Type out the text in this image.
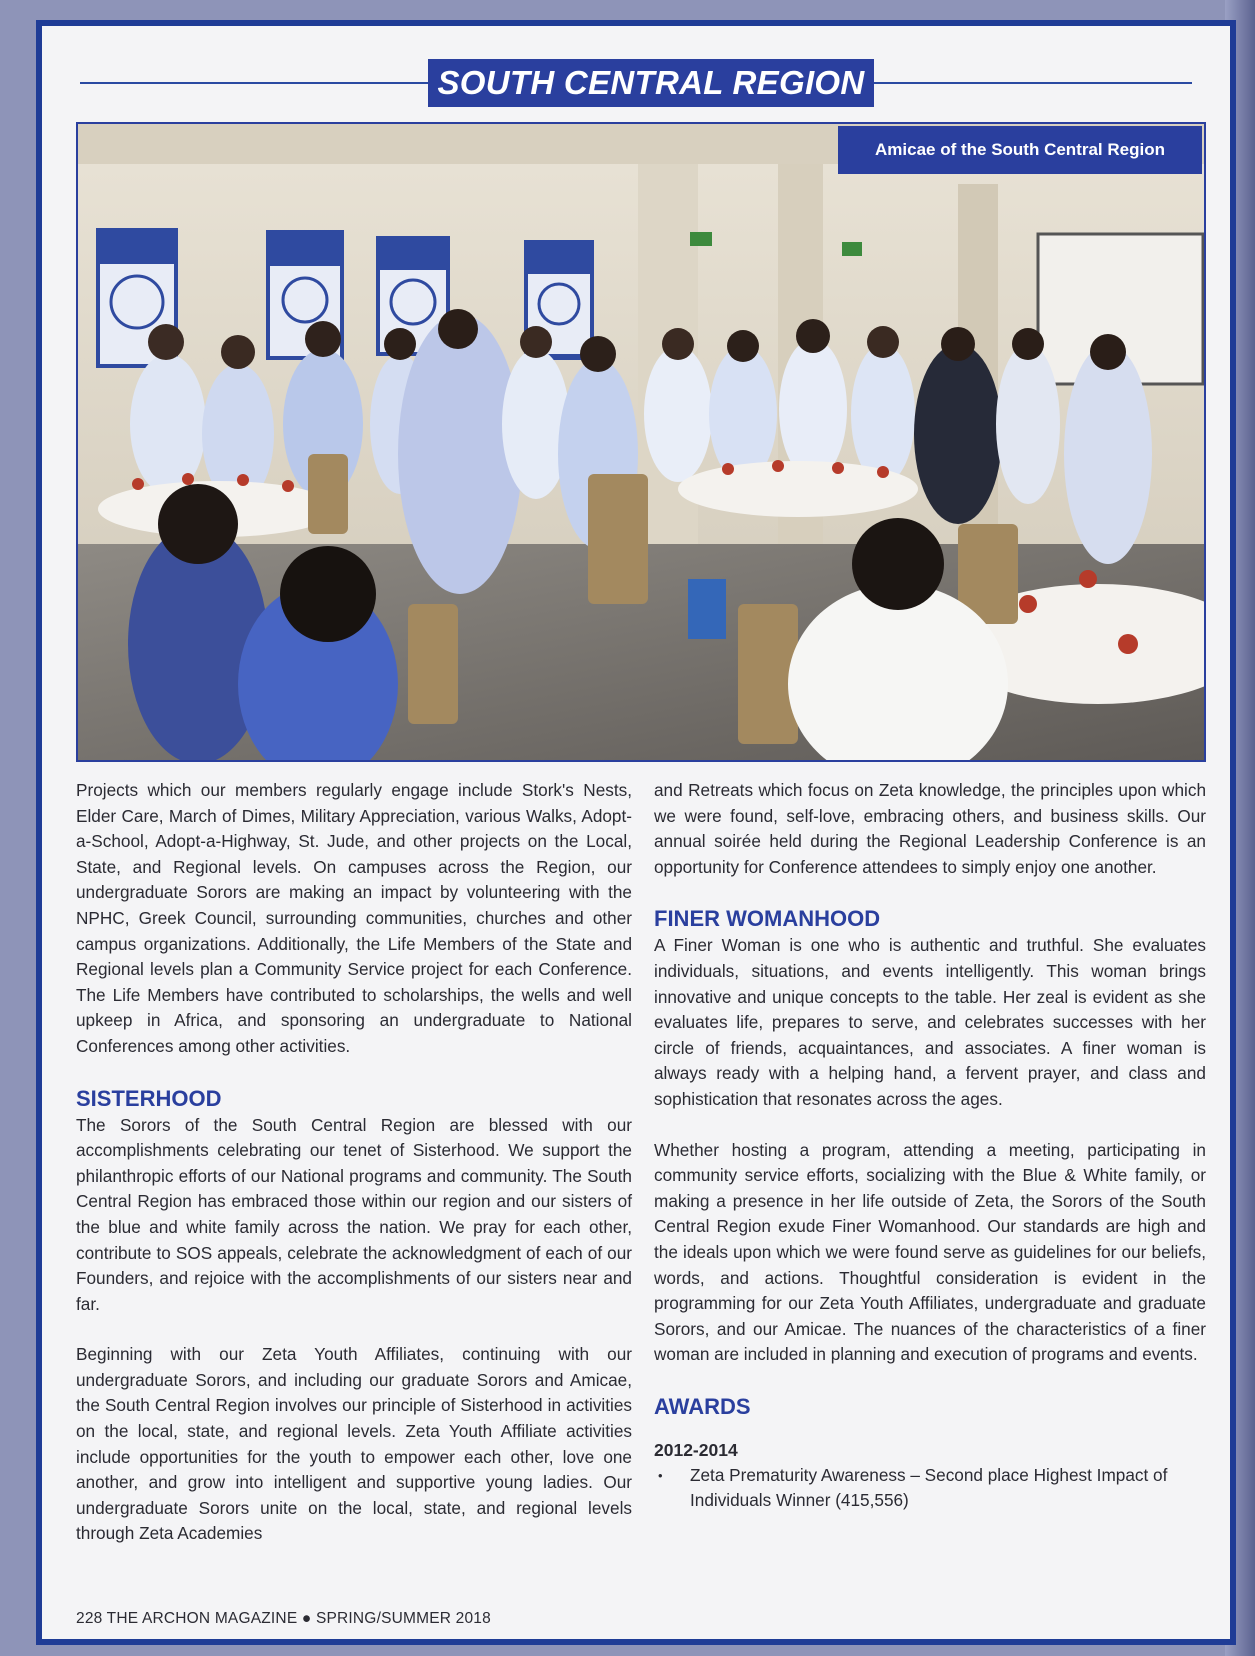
SOUTH CENTRAL REGION
Amicae of the South Central Region

Projects which our members regularly engage include Stork's Nests, Elder Care, March of Dimes, Military Appreciation, various Walks, Adopt-a-School, Adopt-a-Highway, St. Jude, and other projects on the Local, State, and Regional levels. On campuses across the Region, our undergraduate Sorors are making an impact by volunteering with the NPHC, Greek Council, surrounding communities, churches and other campus organizations. Additionally, the Life Members of the State and Regional levels plan a Community Service project for each Conference. The Life Members have contributed to scholarships, the wells and well upkeep in Africa, and sponsoring an undergraduate to National Conferences among other activities.

SISTERHOOD

The Sorors of the South Central Region are blessed with our accomplishments celebrating our tenet of Sisterhood. We support the philanthropic efforts of our National programs and community. The South Central Region has embraced those within our region and our sisters of the blue and white family across the nation. We pray for each other, contribute to SOS appeals, celebrate the acknowledgment of each of our Founders, and rejoice with the accomplishments of our sisters near and far.

Beginning with our Zeta Youth Affiliates, continuing with our undergraduate Sorors, and including our graduate Sorors and Amicae, the South Central Region involves our principle of Sisterhood in activities on the local, state, and regional levels. Zeta Youth Affiliate activities include opportunities for the youth to empower each other, love one another, and grow into intelligent and supportive young ladies. Our undergraduate Sorors unite on the local, state, and regional levels through Zeta Academies

and Retreats which focus on Zeta knowledge, the principles upon which we were found, self-love, embracing others, and business skills. Our annual soirée held during the Regional Leadership Conference is an opportunity for Conference attendees to simply enjoy one another.

FINER WOMANHOOD

A Finer Woman is one who is authentic and truthful. She evaluates individuals, situations, and events intelligently. This woman brings innovative and unique concepts to the table. Her zeal is evident as she evaluates life, prepares to serve, and celebrates successes with her circle of friends, acquaintances, and associates. A finer woman is always ready with a helping hand, a fervent prayer, and class and sophistication that resonates across the ages.

Whether hosting a program, attending a meeting, participating in community service efforts, socializing with the Blue & White family, or making a presence in her life outside of Zeta, the Sorors of the South Central Region exude Finer Womanhood. Our standards are high and the ideals upon which we were found serve as guidelines for our beliefs, words, and actions. Thoughtful consideration is evident in the programming for our Zeta Youth Affiliates, undergraduate and graduate Sorors, and our Amicae. The nuances of the characteristics of a finer woman are included in planning and execution of programs and events.

AWARDS
2012-2014
• Zeta Prematurity Awareness – Second place Highest Impact of Individuals Winner (415,556)
228 THE ARCHON MAGAZINE ● SPRING/SUMMER 2018
